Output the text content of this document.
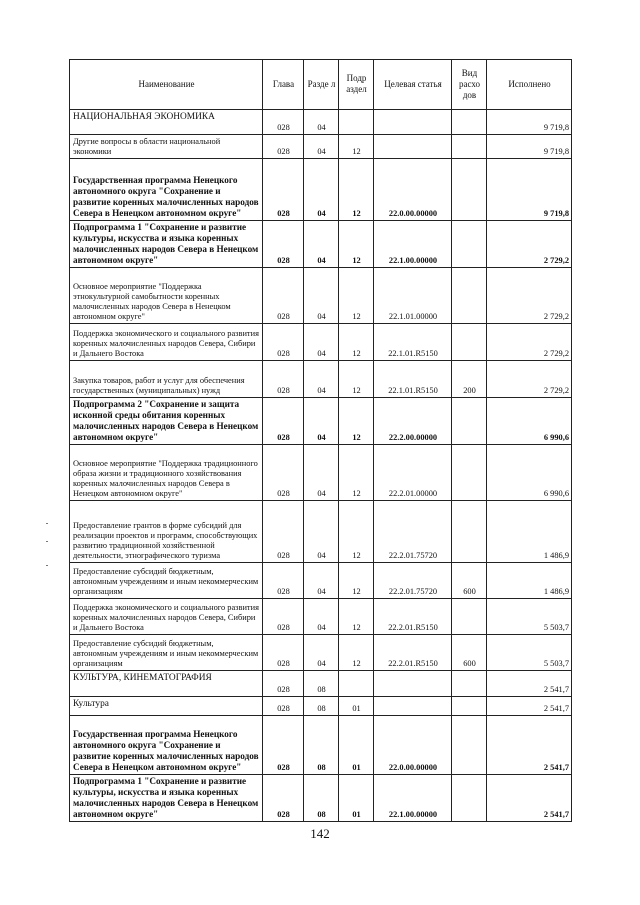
Наименование	Глава	Разде л	Подр аздел	Целевая статья	Вид расхо дов	Исполнено
НАЦИОНАЛЬНАЯ ЭКОНОМИКА	028	04				9 719,8
Другие вопросы в области национальной экономики	028	04	12			9 719,8
Государственная программа Ненецкого автономного округа "Сохранение и развитие коренных малочисленных народов Севера в Ненецком автономном округе"	028	04	12	22.0.00.00000		9 719,8
Подпрограмма 1 "Сохранение и развитие культуры, искусства и языка коренных малочисленных народов Севера в Ненецком автономном округе"	028	04	12	22.1.00.00000		2 729,2
Основное мероприятие "Поддержка этнокультурной самобытности коренных малочисленных народов Севера в Ненецком автономном округе"	028	04	12	22.1.01.00000		2 729,2
Поддержка экономического и социального развития коренных малочисленных народов Севера, Сибири и Дальнего Востока	028	04	12	22.1.01.R5150		2 729,2
Закупка товаров, работ и услуг для обеспечения государственных (муниципальных) нужд	028	04	12	22.1.01.R5150	200	2 729,2
Подпрограмма 2 "Сохранение и защита исконной среды обитания коренных малочисленных народов Севера в Ненецком автономном округе"	028	04	12	22.2.00.00000		6 990,6
Основное мероприятие "Поддержка традиционного образа жизни и традиционного хозяйствования коренных малочисленных народов Севера в Ненецком автономном округе"	028	04	12	22.2.01.00000		6 990,6
Предоставление грантов в форме субсидий для реализации проектов и программ, способствующих развитию традиционной хозяйственной деятельности, этнографического туризма	028	04	12	22.2.01.75720		1 486,9
Предоставление субсидий бюджетным, автономным учреждениям и иным некоммерческим организациям	028	04	12	22.2.01.75720	600	1 486,9
Поддержка экономического и социального развития коренных малочисленных народов Севера, Сибири и Дальнего Востока	028	04	12	22.2.01.R5150		5 503,7
Предоставление субсидий бюджетным, автономным учреждениям и иным некоммерческим организациям	028	04	12	22.2.01.R5150	600	5 503,7
КУЛЬТУРА, КИНЕМАТОГРАФИЯ	028	08				2 541,7
Культура	028	08	01			2 541,7
Государственная программа Ненецкого автономного округа "Сохранение и развитие коренных малочисленных народов Севера в Ненецком автономном округе"	028	08	01	22.0.00.00000		2 541,7
Подпрограмма 1 "Сохранение и развитие культуры, искусства и языка коренных малочисленных народов Севера в Ненецком автономном округе"	028	08	01	22.1.00.00000		2 541,7
142
